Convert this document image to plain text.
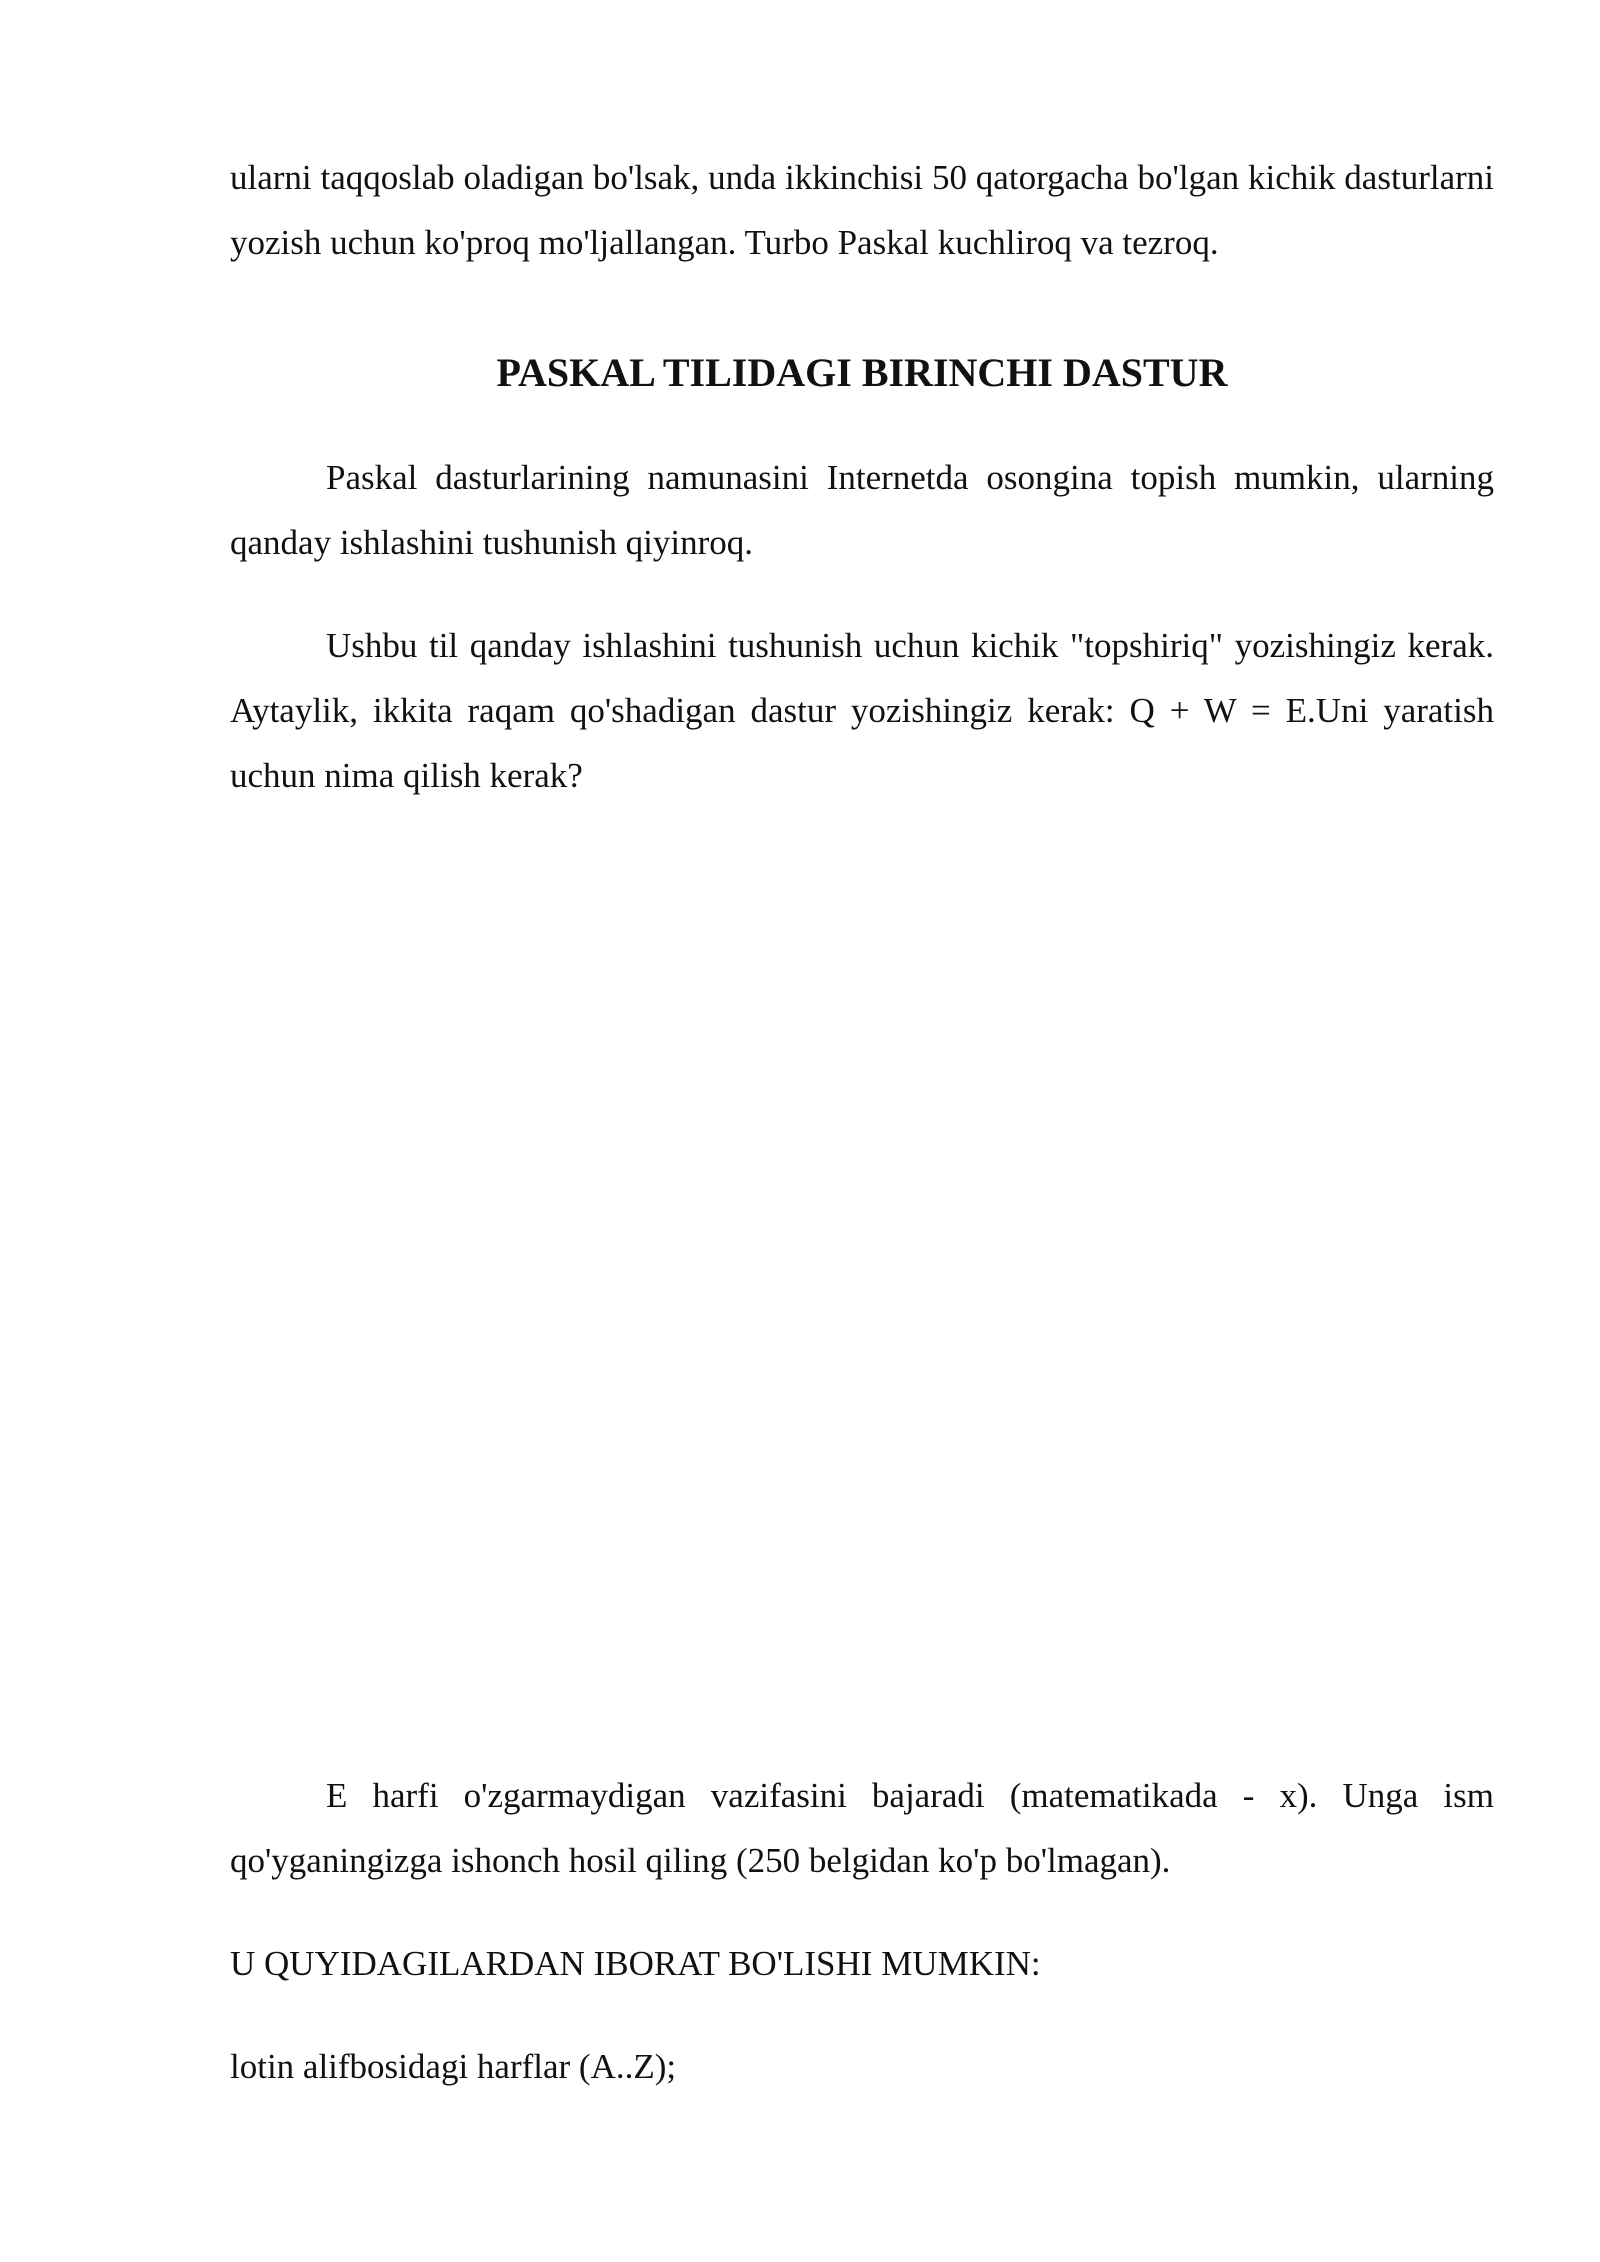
ularni taqqoslab oladigan bo'lsak, unda ikkinchisi 50 qatorgacha bo'lgan kichik dasturlarni yozish uchun ko'proq mo'ljallangan. Turbo Paskal kuchliroq va tezroq.

PASKAL TILIDAGI BIRINCHI DASTUR

Paskal dasturlarining namunasini Internetda osongina topish mumkin, ularning qanday ishlashini tushunish qiyinroq.

Ushbu til qanday ishlashini tushunish uchun kichik "topshiriq" yozishingiz kerak. Aytaylik, ikkita raqam qo'shadigan dastur yozishingiz kerak: Q + W = E.Uni yaratish uchun nima qilish kerak?

E harfi o'zgarmaydigan vazifasini bajaradi (matematikada - x). Unga ism qo'yganingizga ishonch hosil qiling (250 belgidan ko'p bo'lmagan).

U QUYIDAGILARDAN IBORAT BO'LISHI MUMKIN:

lotin alifbosidagi harflar (A..Z);
